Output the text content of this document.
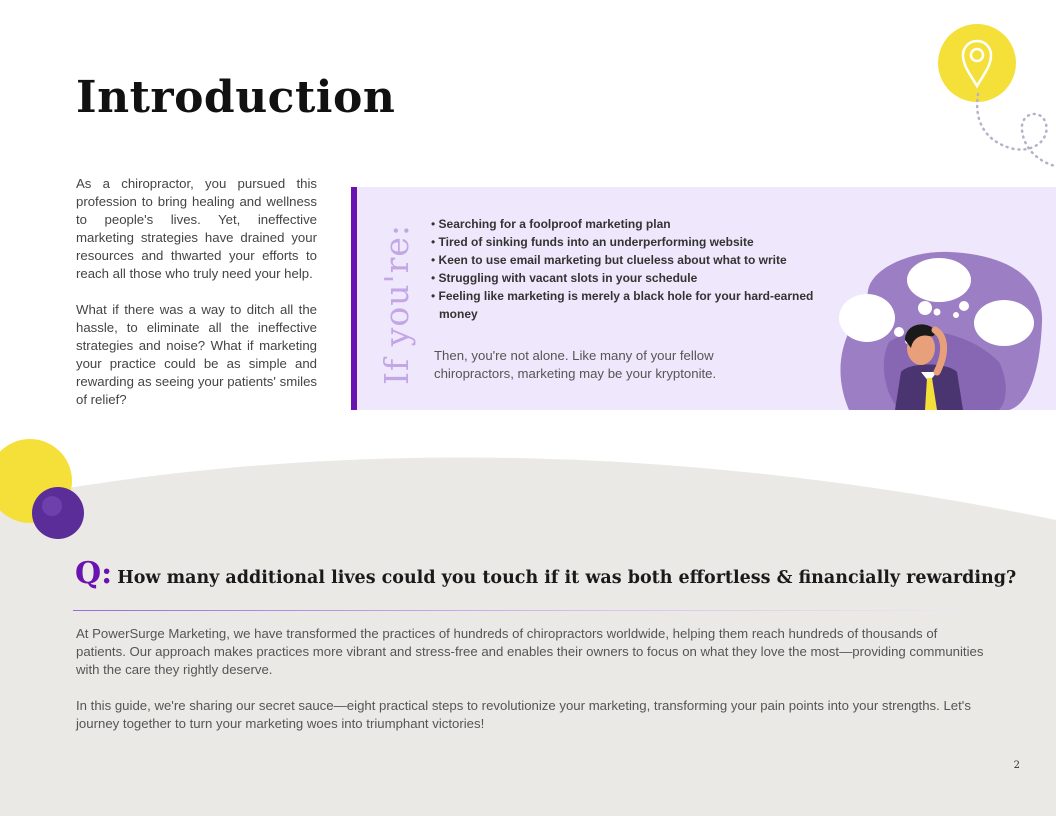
Introduction

As a chiropractor, you pursued this profession to bring healing and wellness to people's lives. Yet, ineffective marketing strategies have drained your resources and thwarted your efforts to reach all those who truly need your help.

What if there was a way to ditch all the hassle, to eliminate all the ineffective strategies and noise? What if marketing your practice could be as simple and rewarding as seeing your patients' smiles of relief?

If you're:
•	Searching for a foolproof marketing plan
• Tired of sinking funds into an underperforming website
• Keen to use email marketing but clueless about what to write
• Struggling with vacant slots in your schedule
• Feeling like marketing is merely a black hole for your hard-earned money

Then, you're not alone. Like many of your fellow chiropractors, marketing may be your kryptonite.

Q: How many additional lives could you touch if it was both effortless & financially rewarding?

At PowerSurge Marketing, we have transformed the practices of hundreds of chiropractors worldwide, helping them reach hundreds of thousands of patients. Our approach makes practices more vibrant and stress-free and enables their owners to focus on what they love the most—providing communities with the care they rightly deserve.

In this guide, we're sharing our secret sauce—eight practical steps to revolutionize your marketing, transforming your pain points into your strengths. Let's journey together to turn your marketing woes into triumphant victories!

2
